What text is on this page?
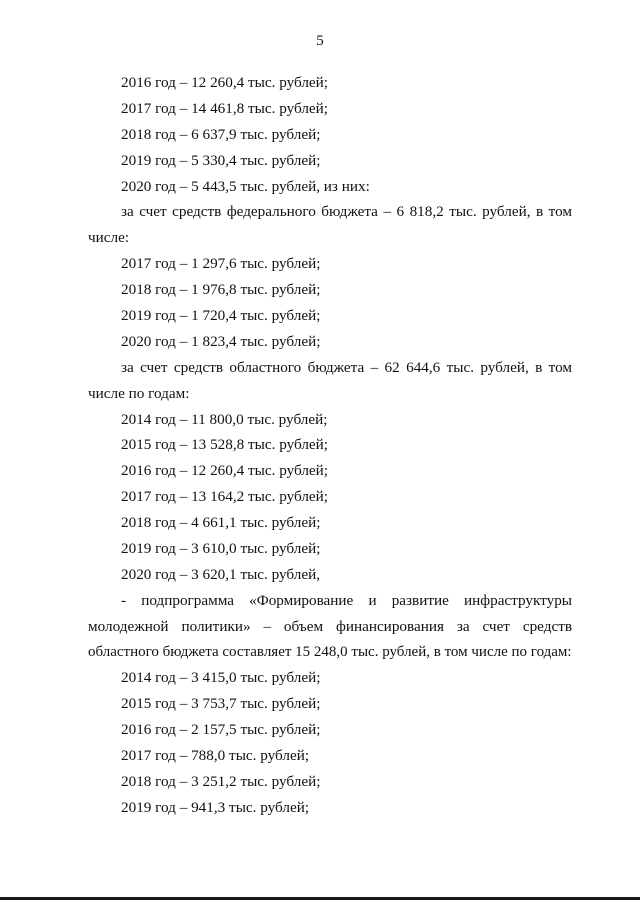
5
2016 год – 12 260,4 тыс. рублей;
2017 год – 14 461,8 тыс. рублей;
2018 год – 6 637,9 тыс. рублей;
2019 год – 5 330,4 тыс. рублей;
2020 год – 5 443,5 тыс. рублей, из них:
за счет средств федерального бюджета – 6 818,2 тыс. рублей, в том
числе:
2017 год – 1 297,6 тыс. рублей;
2018 год – 1 976,8 тыс. рублей;
2019 год – 1 720,4 тыс. рублей;
2020 год – 1 823,4 тыс. рублей;
за счет средств областного бюджета – 62 644,6 тыс. рублей, в том
числе по годам:
2014 год – 11 800,0 тыс. рублей;
2015 год – 13 528,8 тыс. рублей;
2016 год – 12 260,4 тыс. рублей;
2017 год – 13 164,2 тыс. рублей;
2018 год – 4 661,1 тыс. рублей;
2019 год – 3 610,0 тыс. рублей;
2020 год – 3 620,1 тыс. рублей,
- подпрограмма «Формирование и развитие инфраструктуры
молодежной политики» – объем финансирования за счет средств
областного бюджета составляет 15 248,0 тыс. рублей, в том числе по годам:
2014 год – 3 415,0 тыс. рублей;
2015 год – 3 753,7 тыс. рублей;
2016 год – 2 157,5 тыс. рублей;
2017 год – 788,0 тыс. рублей;
2018 год – 3 251,2 тыс. рублей;
2019 год – 941,3 тыс. рублей;
